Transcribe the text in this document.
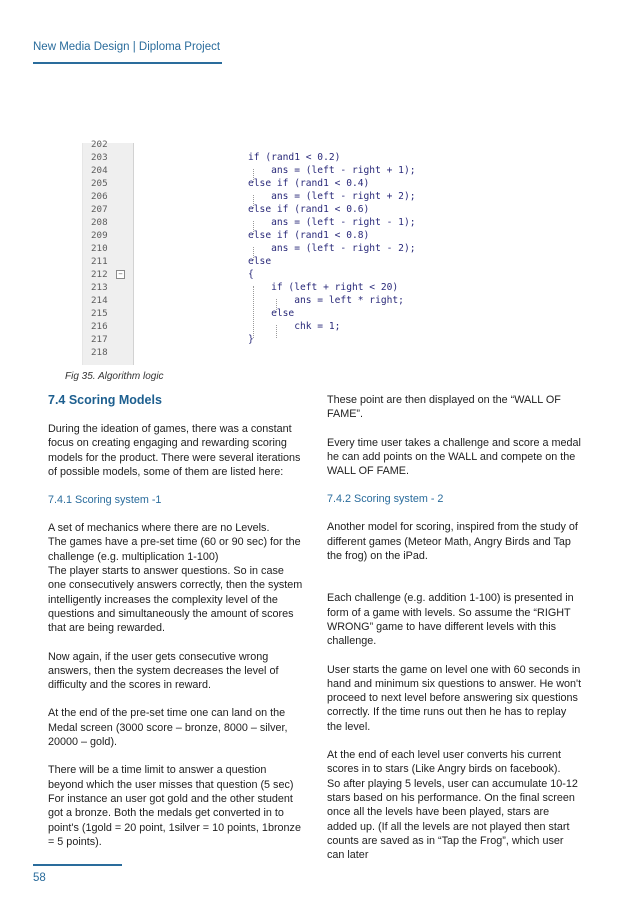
New Media Design | Diploma Project
202
203	if (rand1 < 0.2)
204	ans = (left - right + 1);
205	else if (rand1 < 0.4)
206	ans = (left - right + 2);
207	else if (rand1 < 0.6)
208	ans = (left - right - 1);
209	else if (rand1 < 0.8)
210	ans = (left - right - 2);
211	else
212	−	{
213	if (left + right < 20)
214	ans = left * right;
215	else
216	chk = 1;
217	}
218
Fig 35. Algorithm logic
7.4 Scoring Models

During the ideation of games, there was a constant focus on creating engaging and rewarding scoring models for the product. There were several iterations of possible models, some of them are listed here:

7.4.1 Scoring system -1

A set of mechanics where there are no Levels.
The games have a pre-set time (60 or 90 sec) for the challenge (e.g. multiplication 1-100)
The player starts to answer questions. So in case one consecutively answers correctly, then the system intelligently increases the complexity level of the questions and simultaneously the amount of scores that are being rewarded.

Now again, if the user gets consecutive wrong answers, then the system decreases the level of difficulty and the scores in reward.

At the end of the pre-set time one can land on the Medal screen (3000 score – bronze, 8000 – silver, 20000 – gold).

There will be a time limit to answer a question beyond which the user misses that question (5 sec)
For instance an user got gold and the other student got a bronze. Both the medals get converted in to point's (1gold = 20 point, 1silver = 10 points, 1bronze = 5 points).

These point are then displayed on the “WALL OF FAME”.

Every time user takes a challenge and score a medal he can add points on the WALL and compete on the WALL OF FAME.

7.4.2 Scoring system - 2

Another model for scoring, inspired from the study of different games (Meteor Math, Angry Birds and Tap the frog) on the iPad.

Each challenge (e.g. addition 1-100) is presented in form of a game with levels. So assume the “RIGHT WRONG” game to have different levels with this challenge.

User starts the game on level one with 60 seconds in hand and minimum six questions to answer. He won't proceed to next level before answering six questions correctly. If the time runs out then he has to replay the level.

At the end of each level user converts his current scores in to stars (Like Angry birds on facebook).
So after playing 5 levels, user can accumulate 10-12 stars based on his performance. On the final screen once all the levels have been played, stars are added up. (If all the levels are not played then start counts are saved as in “Tap the Frog”, which user can later

58
